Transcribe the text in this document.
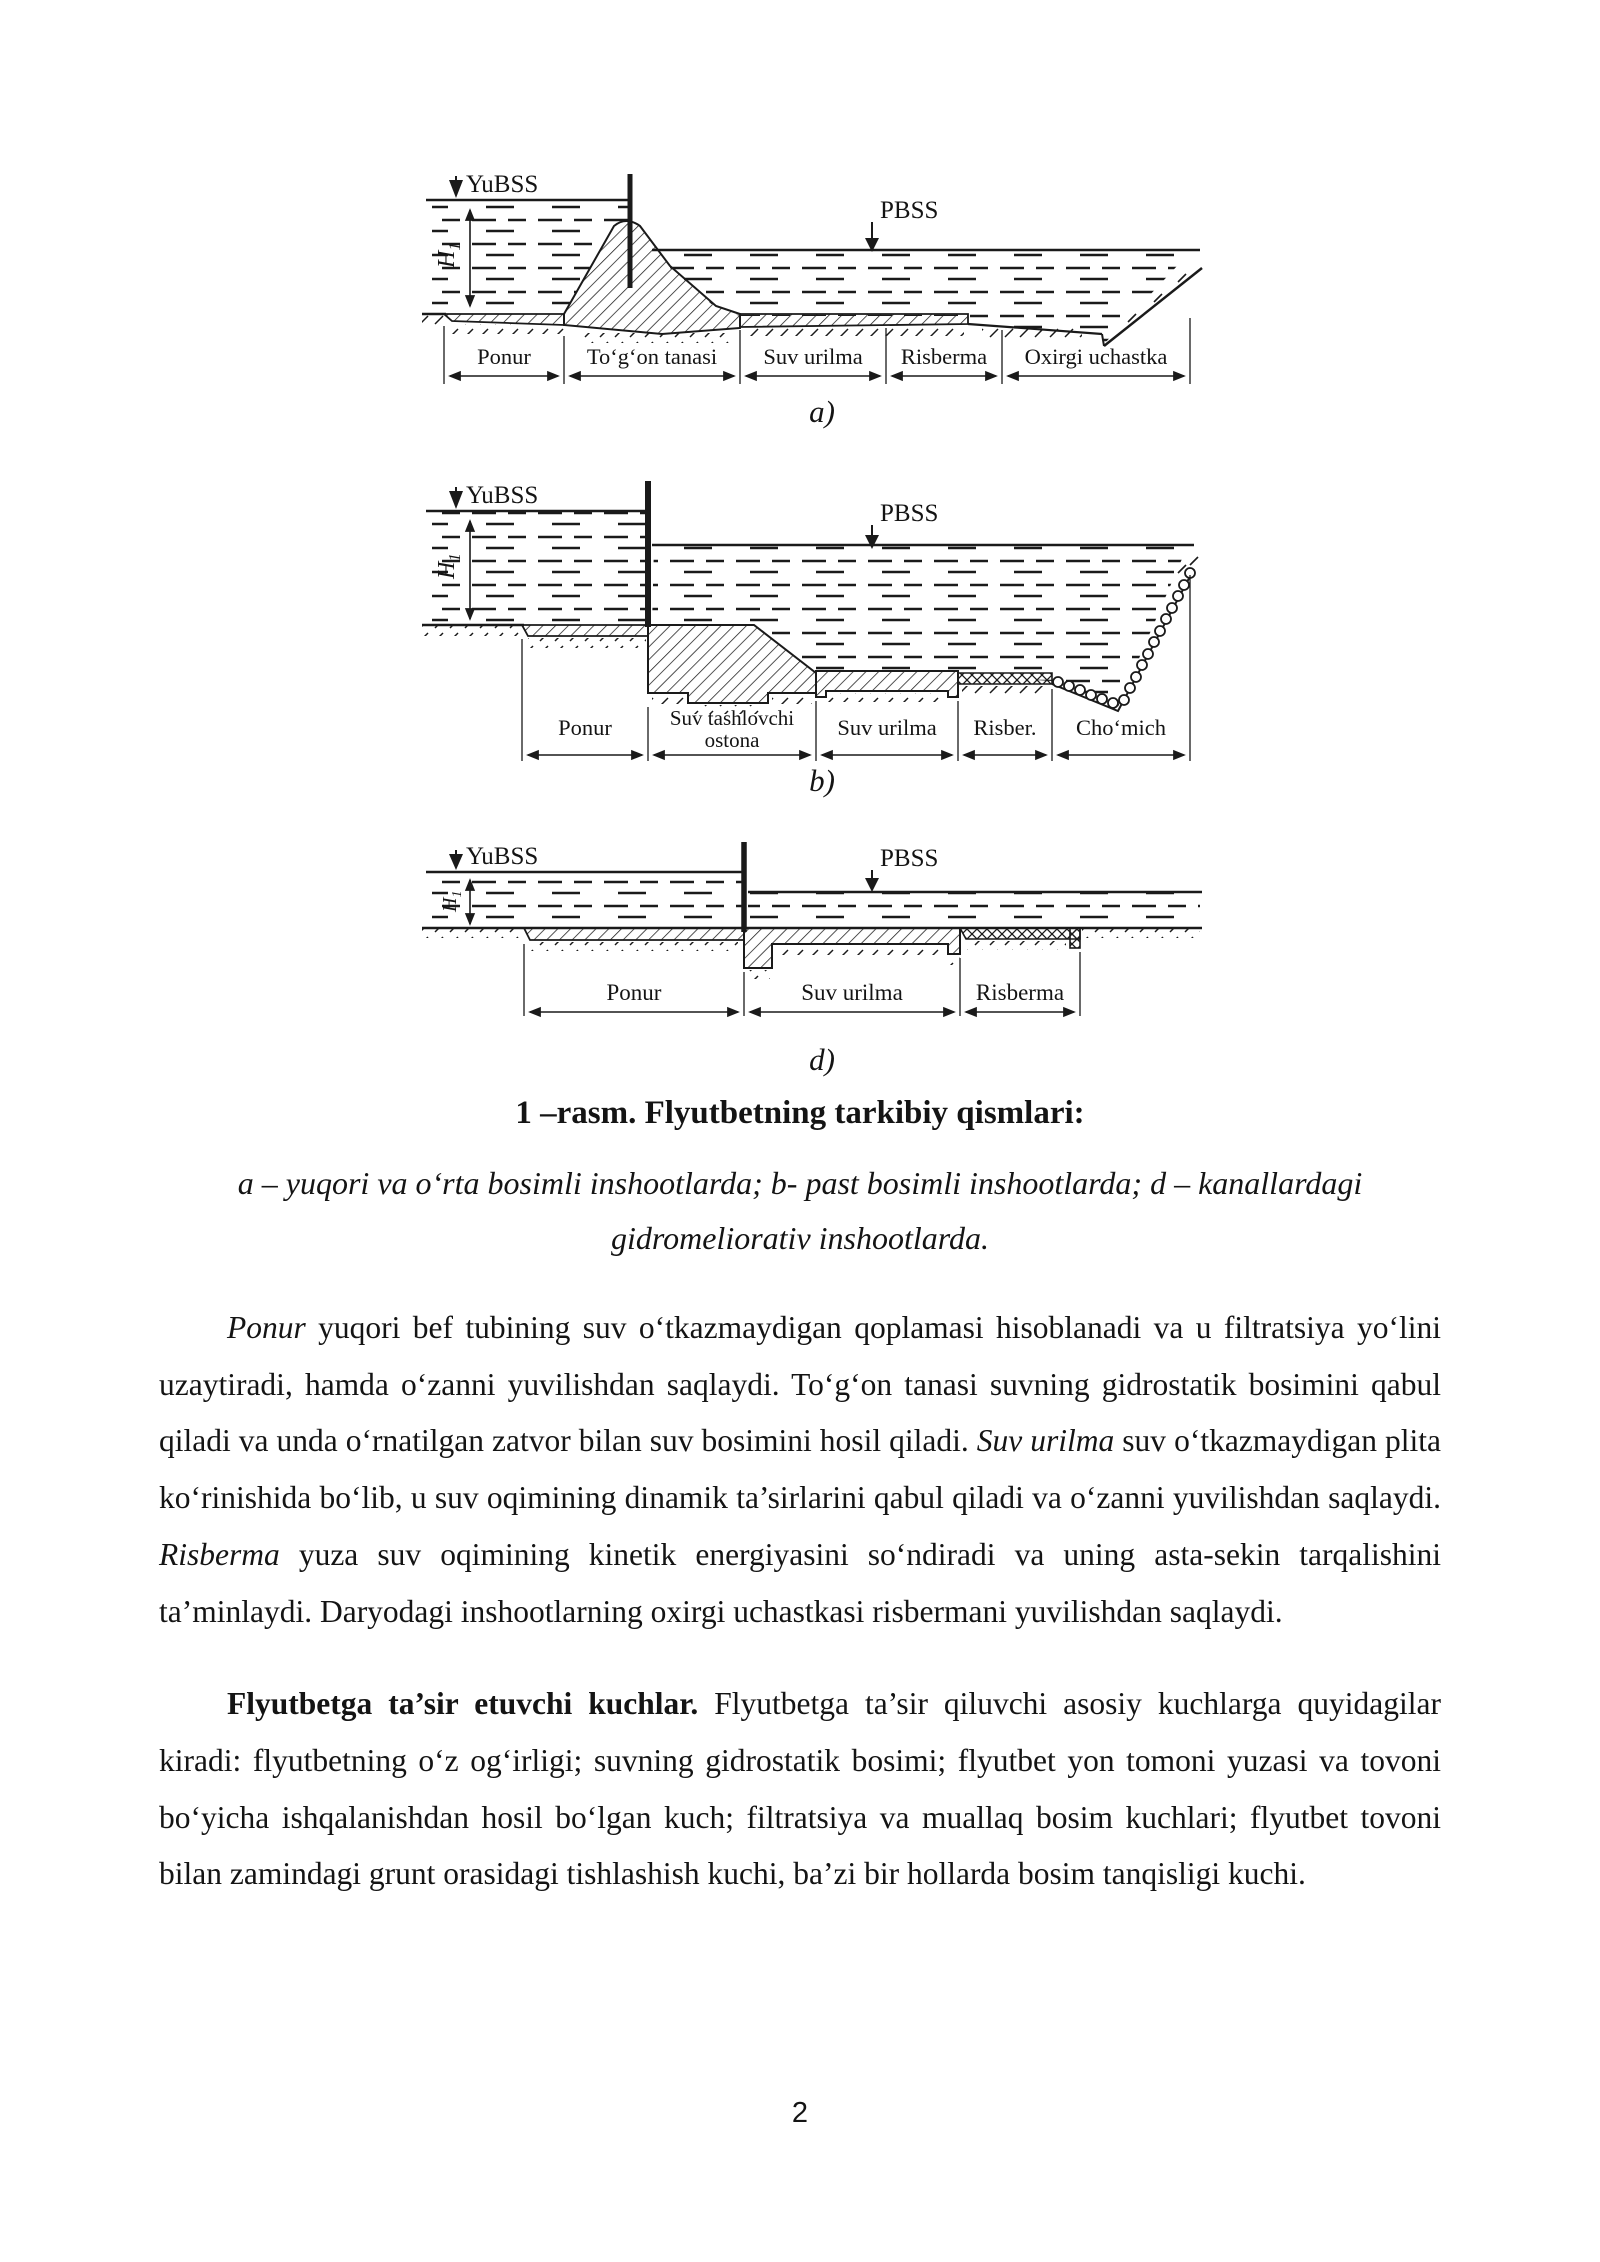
YuBSS
$H_1$
PBSS
Ponur Toʻgʻon tanasi Suv urilma Risberma Oxirgi uchastka
a)
YuBSS
$H_1$
PBSS
Ponur	Suv tashlovchi
ostona	Suv urilma Risber. Choʻmich
b)
YuBSS
$H_1$
PBSS
Ponur	Suv urilma	Risberma
d)
1 –rasm. Flyutbetning tarkibiy qismlari:
a – yuqori va oʻrta bosimli inshootlarda; b- past bosimli inshootlarda; d – kanallardagi gidromeliorativ inshootlarda.

Ponur yuqori bef tubining suv oʻtkazmaydigan qoplamasi hisoblanadi va u filtratsiya yoʻlini uzaytiradi, hamda oʻzanni yuvilishdan saqlaydi. Toʻgʻon tanasi suvning gidrostatik bosimini qabul qiladi va unda oʻrnatilgan zatvor bilan suv bosimini hosil qiladi. Suv urilma suv oʻtkazmaydigan plita koʻrinishida boʻlib, u suv oqimining dinamik ta’sirlarini qabul qiladi va oʻzanni yuvilishdan saqlaydi. Risberma yuza suv oqimining kinetik energiyasini soʻndiradi va uning asta-sekin tarqalishini ta’minlaydi. Daryodagi inshootlarning oxirgi uchastkasi risbermani yuvilishdan saqlaydi.

Flyutbetga ta’sir etuvchi kuchlar. Flyutbetga ta’sir qiluvchi asosiy kuchlarga quyidagilar kiradi: flyutbetning oʻz ogʻirligi; suvning gidrostatik bosimi; flyutbet yon tomoni yuzasi va tovoni boʻyicha ishqalanishdan hosil boʻlgan kuch; filtratsiya va muallaq bosim kuchlari; flyutbet tovoni bilan zamindagi grunt orasidagi tishlashish kuchi, ba’zi bir hollarda bosim tanqisligi kuchi.

2
